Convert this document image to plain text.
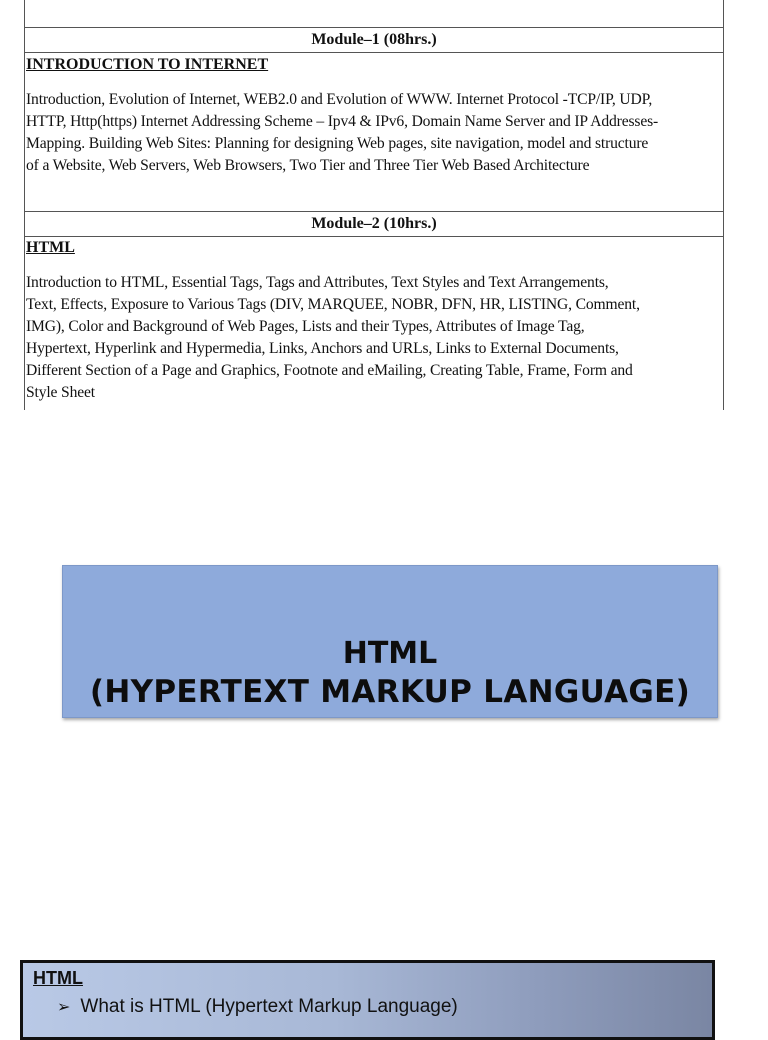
Module–1 (08hrs.)
INTRODUCTION TO INTERNET
Introduction, Evolution of Internet, WEB2.0 and Evolution of WWW. Internet Protocol -TCP/IP, UDP,
HTTP, Http(https) Internet Addressing Scheme – Ipv4 & IPv6, Domain Name Server and IP Addresses-
Mapping. Building Web Sites: Planning for designing Web pages, site navigation, model and structure
of a Website, Web Servers, Web Browsers, Two Tier and Three Tier Web Based Architecture
Module–2 (10hrs.)
HTML
Introduction to HTML, Essential Tags, Tags and Attributes, Text Styles and Text Arrangements,
Text, Effects, Exposure to Various Tags (DIV, MARQUEE, NOBR, DFN, HR, LISTING, Comment,
IMG), Color and Background of Web Pages, Lists and their Types, Attributes of Image Tag,
Hypertext, Hyperlink and Hypermedia, Links, Anchors and URLs, Links to External Documents,
Different Section of a Page and Graphics, Footnote and eMailing, Creating Table, Frame, Form and
Style Sheet
HTML
(HYPERTEXT MARKUP LANGUAGE)
HTML
➢ What is HTML (Hypertext Markup Language)
